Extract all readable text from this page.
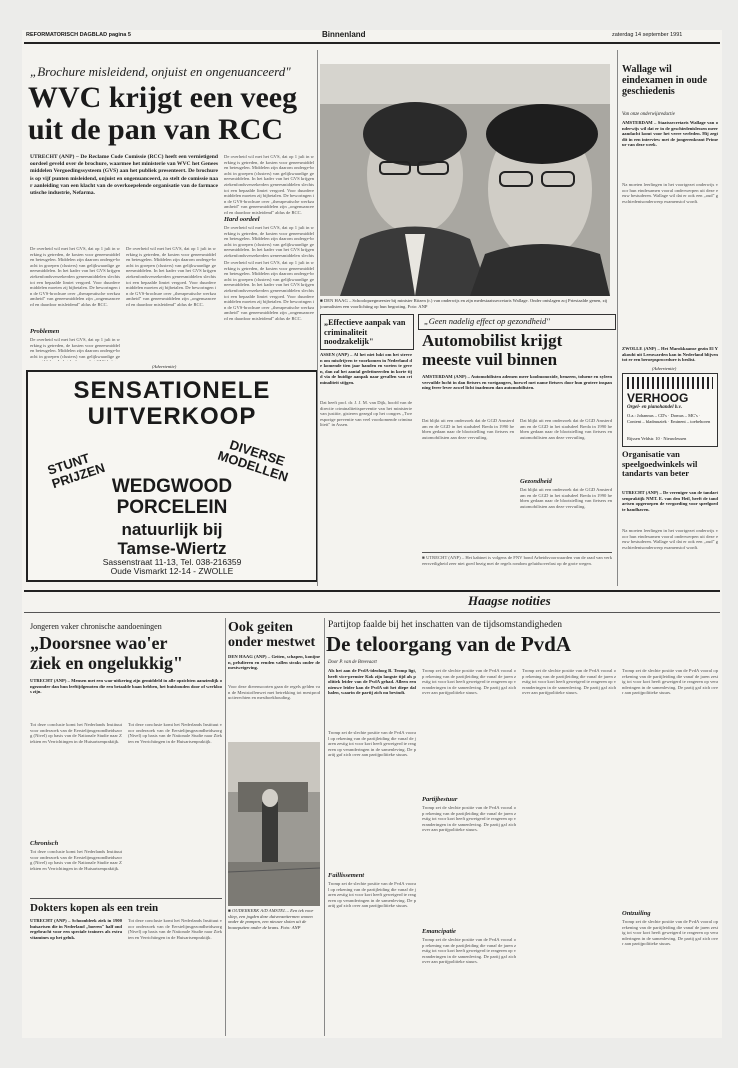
REFORMATORISCH DAGBLAD pagina 5	Binnenland	zaterdag 14 september 1991
„Brochure misleidend, onjuist en ongenuanceerd"
WVC krijgt een veeg
uit de pan van RCC
UTRECHT (ANP) – De Reclame Code Comissie (RCC) heeft een vernietigend oordeel geveld over de brochure, waarmee het ministerie van WVC het Geneesmiddelen Vergoedingssysteem (GVS) aan het publiek presenteert. De brochure is op vijf punten misleidend, onjuist en ongenuanceerd, zo stelt de comissie naar aanleiding van een klacht van de overkoepelende organisatie van de farmaceutische industrie, Nefarma.
De overheid wil met het GVS, dat op 1 juli in werking is getreden, de kosten voor geneesmiddelen beteugelen. Middelen zijn daarom onderge-bracht in groepen (clusters) van gelijkwaardige geneesmiddelen. In het kader van het GVS krijgen ziekenfondsverzekerden geneesmiddelen slechts tot een bepaalde limiet vergoed. Voor duurdere middelen moeten zij bijbetalen. De beworingen in de GVS-brochure over „therapeutische werkzaamheid" van geneesmiddelen zijn „ongenuanceerd en daardoor misleidend" aldus de RCC.
Hard oordeel
De overheid wil met het GVS, dat op 1 juli in werking is getreden, de kosten voor geneesmiddelen beteugelen. Middelen zijn daarom onderge-bracht in groepen (clusters) van gelijkwaardige geneesmiddelen. In het kader van het GVS krijgen ziekenfondsverzekerden geneesmiddelen slechts
De overheid wil met het GVS, dat op 1 juli in werking is getreden, de kosten voor geneesmiddelen beteugelen. Middelen zijn daarom onderge-bracht in groepen (clusters) van gelijkwaardige geneesmiddelen. In het kader van het GVS krijgen ziekenfondsverzekerden geneesmiddelen slechts tot een bepaalde limiet vergoed. Voor duurdere middelen moeten zij bijbetalen. De beworingen in de GVS-brochure over „therapeutische werkzaamheid" van geneesmiddelen zijn „ongenuanceerd en daardoor misleidend" aldus de RCC.
Problemen
De overheid wil met het GVS, dat op 1 juli in werking is getreden, de kosten voor geneesmiddelen beteugelen. Middelen zijn daarom onderge-bracht in groepen (clusters) van gelijkwaardige ge
De overheid wil met het GVS, dat op 1 juli in werking is getreden, de kosten voor geneesmiddelen beteugelen. Middelen zijn daarom onderge-bracht in groepen (clusters) van gelijkwaardige geneesmiddelen. In het kader van het GVS krijgen ziekenfondsverzekerden geneesmiddelen slechts tot een bepaalde limiet vergoed. Voor duurdere middelen moeten zij bijbetalen. De beworingen in de GVS-brochure over „therapeutische werkzaamheid" van geneesmiddelen zijn „ongenuanceerd en daardoor misleidend" aldus de RCC.
De overheid wil met het GVS, dat op 1 juli in werking is getreden, de kosten voor geneesmiddelen beteugelen. Middelen zijn daarom onderge-bracht in groepen (clusters) van gelijkwaardige geneesmiddelen. In het kader van het GVS krijgen ziekenfondsverzekerden geneesmiddelen slechts tot een bepaalde limiet vergoed. Voor duurdere middelen moeten zij bijbetalen. De beworingen in de GVS-brochure over „therapeutische werkzaamheid" van geneesmiddelen zijn „ongenuanceerd en daardoor misleidend" aldus de RCC.
■ DEN HAAG – Schoolopzegmeester bij minister Ritzen (r.) van onderwijs en zijn medestaatssecretaris Wallage. Onder ontslagen zoj Priestaalde genen, zij journalisten een voorlichting op hun begroting. Foto: ANP
Wallage wil eindexamen in oude geschiedenis
Van onze onderwijsredactie
AMSTERDAM – Staatssecretaris Wallage van onderwijs wil dat er in de geschiedenislessen meer aandacht komt voor het verre verleden. Hij zegt dit in een interview met de jongerenkrant Primeur van deze week.
Na moeten leerlingen in het voortgezet onderwijs voor hun eindexamen vooral onderwerpen uit deze eeuw bestuderen. Wallage wil dat er ook een „oud" geschiedenisonderwerp examenstof wordt.
ZWOLLE (ANP) – Het Marokkaanse gezin El Yakoubi uit Leeuwarden kan in Nederland blijven tot er een beroepsprocedure is beslist.
(Advertentie)
VERHOOG
Orgel- en pianohandel b.v.
O.a.: Johannus – CD's · Domus – MC's · Content – bladmuziek · Eminent – toebehoren
Rijssen Veldstr. 10 · Nieuwleusen
Organisatie van speelgoedwinkels wil tandarts van beter
UTRECHT (ANP) – De vereniger van de tandartsenpraktijk NMT. E. van den Heil, heeft de tandartsen opgeroepen de vergoeding voor speelgoed te handhaven.
Na moeten leerlingen in het voortgezet onderwijs voor hun eindexamen vooral onderwerpen uit deze eeuw bestuderen. Wallage wil dat er ook een „oud" geschiedenisonderwerp examenstof wordt.
„Effectieve aanpak van criminaliteit noodzakelijk"
ASSEN (ANP) – Al het niet lukt om het streven om misdrijven te voorkomen in Nederland de komende tien jaar handen en voeten te geven, dan zal het aantal gedetineerden in korte tijd via de huidige aanpak naar gevallen van criminaliteit stijgen.
Dat heeft prof. dr. J. J. M. van Dijk, hoofd van de directie criminaliteitspreventie van het ministerie van justitie, gisteren gezegd op het congres „Tweesporige preventie van veel voorkomende criminaliteit" in Assen.
„Geen nadelig effect op gezondheid"
Automobilist krijgt
meeste vuil binnen
AMSTERDAM (ANP) – Automobilisten ademen meer koolmonoxide, benzeen, toluene en xyleen vervuilde lucht in dan fietsers en voetgangers, hoewel met name fietsers door hun grotere inspanning ferer lever zowel licht inademen dan automobilisten.
Dat blijkt uit een onderzoek dat de GGD Amsterdam en de GGD in het stadsdeel Breda in 1990 hebben gedaan naar de blootstelling van fietsers en automobilisten aan deze vervuiling.
Dat blijkt uit een onderzoek dat de GGD Amsterdam en de GGD in het stadsdeel Breda in 1990 hebben gedaan naar de blootstelling van fietsers en automobilisten aan deze vervuiling.
Gezondheid
Dat blijkt uit een onderzoek dat de GGD Amsterdam en de GGD in het stadsdeel Breda in 1990 hebben gedaan naar de blootstelling van fietsers en automobilisten aan deze vervuiling.
■ UTRECHT (ANP) – Het kabinet is volgens de FNV bond Arbeidsvoorwaarden van de raad van verkeersveiligheid zeer niet goed bezig met de regels rondom geluidsoverlast op de grote wegen.
(Advertentie)
SENSATIONELE
UITVERKOOP
STUNT PRIJZEN
DIVERSE MODELLEN
WEDGWOOD
PORCELEIN
natuurlijk bij
Tamse-Wiertz
Sassenstraat 11-13, Tel. 038-216359
Oude Vismarkt 12-14 - ZWOLLE
Haagse notities
Jongeren vaker chronische aandoeningen
„Doorsnee wao'er
ziek en ongelukkig"
UTRECHT (ANP) – Mensen met een wao-uitkering zijn gemiddeld in alle opzichten aanzienlijk ongezonder dan hun leeftijdgenoten die een betaalde baan hebben, het huisbouden door of werkloos zijn.
Tot deze conclusie komt het Nederlands Instituut voor onderzoek van de Eerstelijnsgezondheidszorg (Nivel) op basis van de Nationale Studie naar Ziekten en Verrichtingen in de Huisartsenpraktijk.
Chronisch
Tot deze conclusie komt het Nederlands Instituut voor onderzoek van de Eerstelijnsgezondheidszorg (Nivel) op basis van de Nationale Studie naar Ziekten en Verrichtingen in de Huisartsenpraktijk.
Tot deze conclusie komt het Nederlands Instituut voor onderzoek van de Eerstelijnsgezondheidszorg (Nivel) op basis van de Nationale Studie naar Ziekten en Verrichtingen in de Huisartsenpraktijk.
Ook geiten onder mestwet
DEN HAAG (ANP) – Geiten, schapen, konijnen, pelsdieren en eenden vallen straks onder de mestwetgeving.
Voor deze dierensoorten gaan de regels gelden van de Meststoffenwet met betrekking tot mestproductierechten en mestboekhouding.
■ OUDERKERK A/D AMSTEL – Een tek voor sliep, een jogden deze duivenzettermen wonen onder de pompen, een nieuwe sloten uit de bouwputten onder de krans. Foto: ANP
Dokters kopen als een trein
UTRECHT (ANP) – Schoonbleek ziek in 1900 huisartsen die in Nederland „boeren" half ondergebracht voor een speciale trainers als extra vitamines op het geluk.
Tot deze conclusie komt het Nederlands Instituut voor onderzoek van de Eerstelijnsgezondheidszorg (Nivel) op basis van de Nationale Studie naar Ziekten en Verrichtingen in de Huisartsenpraktijk.
Partijtop faalde bij het inschatten van de tijdsomstandigheden
De teloorgang van de PvdA
Door P. van de Breevaart
Als het aan de PvdA-ideoloog B. Tromp ligt, heeft vice-premier Kok zijn langste tijd als politiek leider van de PvdA gehad. Alleen een nieuwe leider kan de PvdA uit het diepe dal halen, waarin de partij zich nu bevindt.
Tromp zet de slechte positie van de PvdA vooral op rekening van de partijleiding die vanaf de jaren zestig tot voor kort heeft geweigerd te reageren op veranderingen in de samenleving. De partij gaf zich over aan partijpolitieke stuurs.
Faillissement
Tromp zet de slechte positie van de PvdA vooral op rekening van de partijleiding die vanaf de jaren zestig tot voor kort heeft geweigerd te reageren op veranderingen in de samenleving. De partij gaf zich over aan partijpolitieke stuurs.
Tromp zet de slechte positie van de PvdA vooral op rekening van de partijleiding die vanaf de jaren zestig tot voor kort heeft geweigerd te reageren op veranderingen in de samenleving. De partij gaf zich over aan partijpolitieke stuurs.
Partijbestuur
Tromp zet de slechte positie van de PvdA vooral op rekening van de partijleiding die vanaf de jaren zestig tot voor kort heeft geweigerd te reageren op veranderingen in de samenleving. De partij gaf zich over aan partijpolitieke stuurs.
Emancipatie
Tromp zet de slechte positie van de PvdA vooral op rekening van de partijleiding die vanaf de jaren zestig tot voor kort heeft geweigerd te reageren op veranderingen in de samenleving. De partij gaf zich over aan partijpolitieke stuurs.
Tromp zet de slechte positie van de PvdA vooral op rekening van de partijleiding die vanaf de jaren zestig tot voor kort heeft geweigerd te reageren op veranderingen in de samenleving. De partij gaf zich over aan partijpolitieke stuurs.
Tromp zet de slechte positie van de PvdA vooral op rekening van de partijleiding die vanaf de jaren zestig tot voor kort heeft geweigerd te reageren op veranderingen in de samenleving. De partij gaf zich over aan partijpolitieke stuurs.
Ontzuiling
Tromp zet de slechte positie van de PvdA vooral op rekening van de partijleiding die vanaf de jaren zestig tot voor kort heeft geweigerd te reageren op veranderingen in de samenleving. De partij gaf zich over aan partijpolitieke stuurs.
